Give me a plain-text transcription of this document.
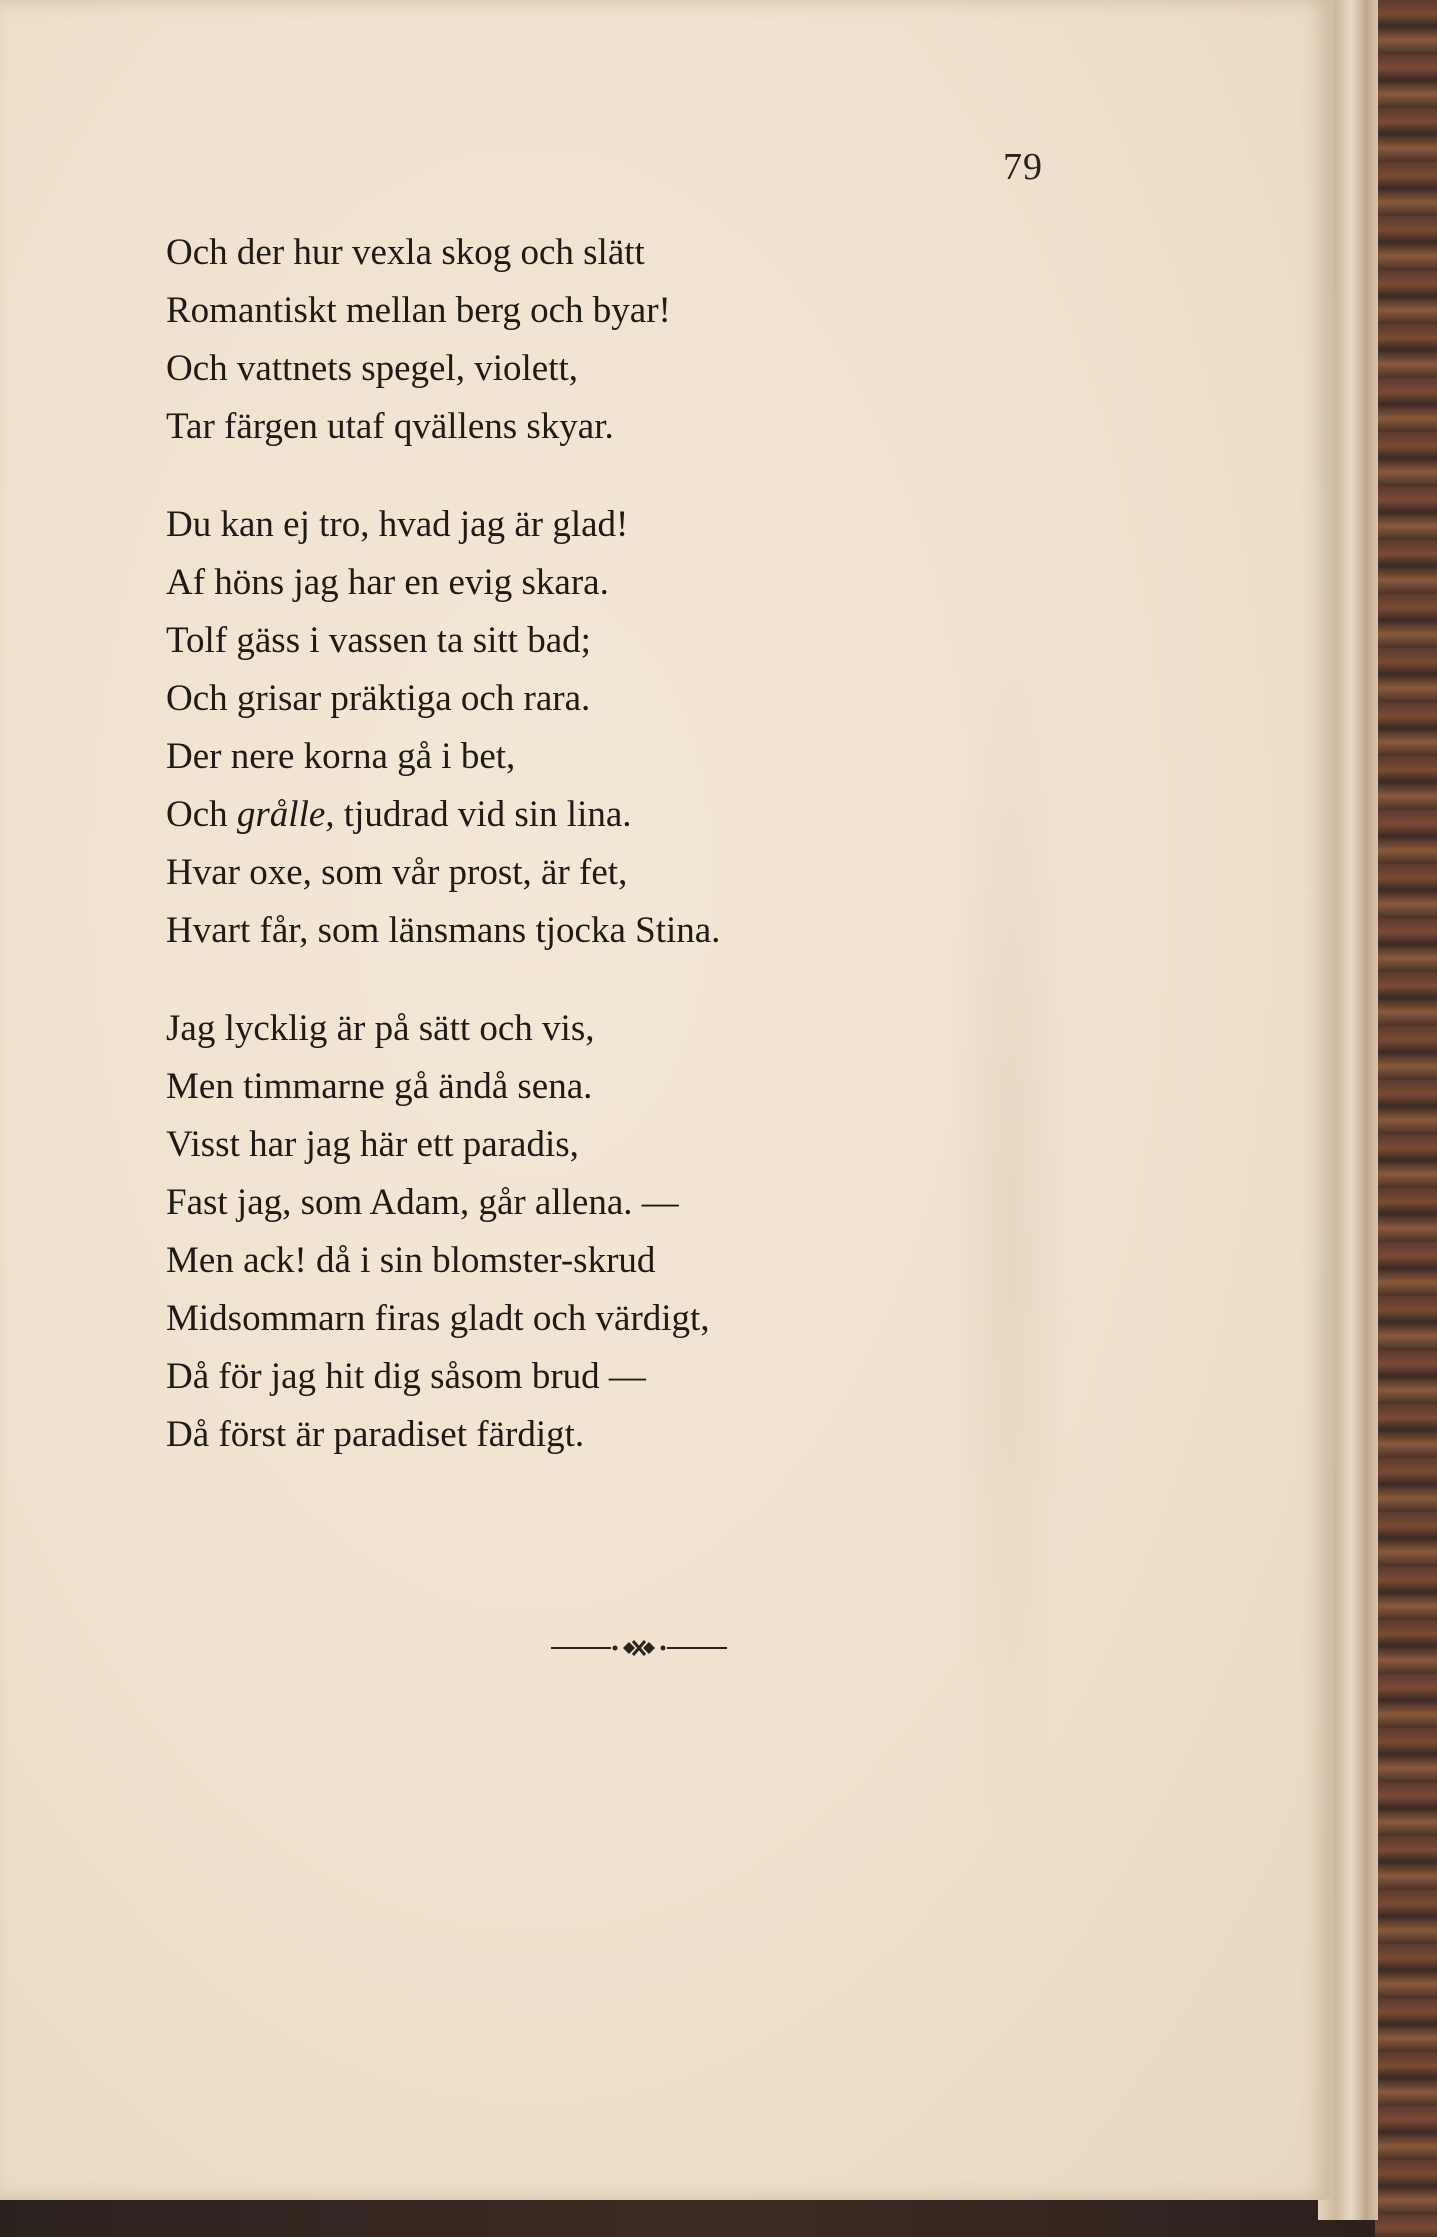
79
Och der hur vexla skog och slätt
Romantiskt mellan berg och byar!
Och vattnets spegel, violett,
Tar färgen utaf qvällens skyar.
Du kan ej tro, hvad jag är glad!
Af höns jag har en evig skara.
Tolf gäss i vassen ta sitt bad;
Och grisar präktiga och rara.
Der nere korna gå i bet,
Och grålle, tjudrad vid sin lina.
Hvar oxe, som vår prost, är fet,
Hvart får, som länsmans tjocka Stina.
Jag lycklig är på sätt och vis,
Men timmarne gå ändå sena.
Visst har jag här ett paradis,
Fast jag, som Adam, går allena. —
Men ack! då i sin blomster-skrud
Midsommarn firas gladt och värdigt,
Då för jag hit dig såsom brud —
Då först är paradiset färdigt.
